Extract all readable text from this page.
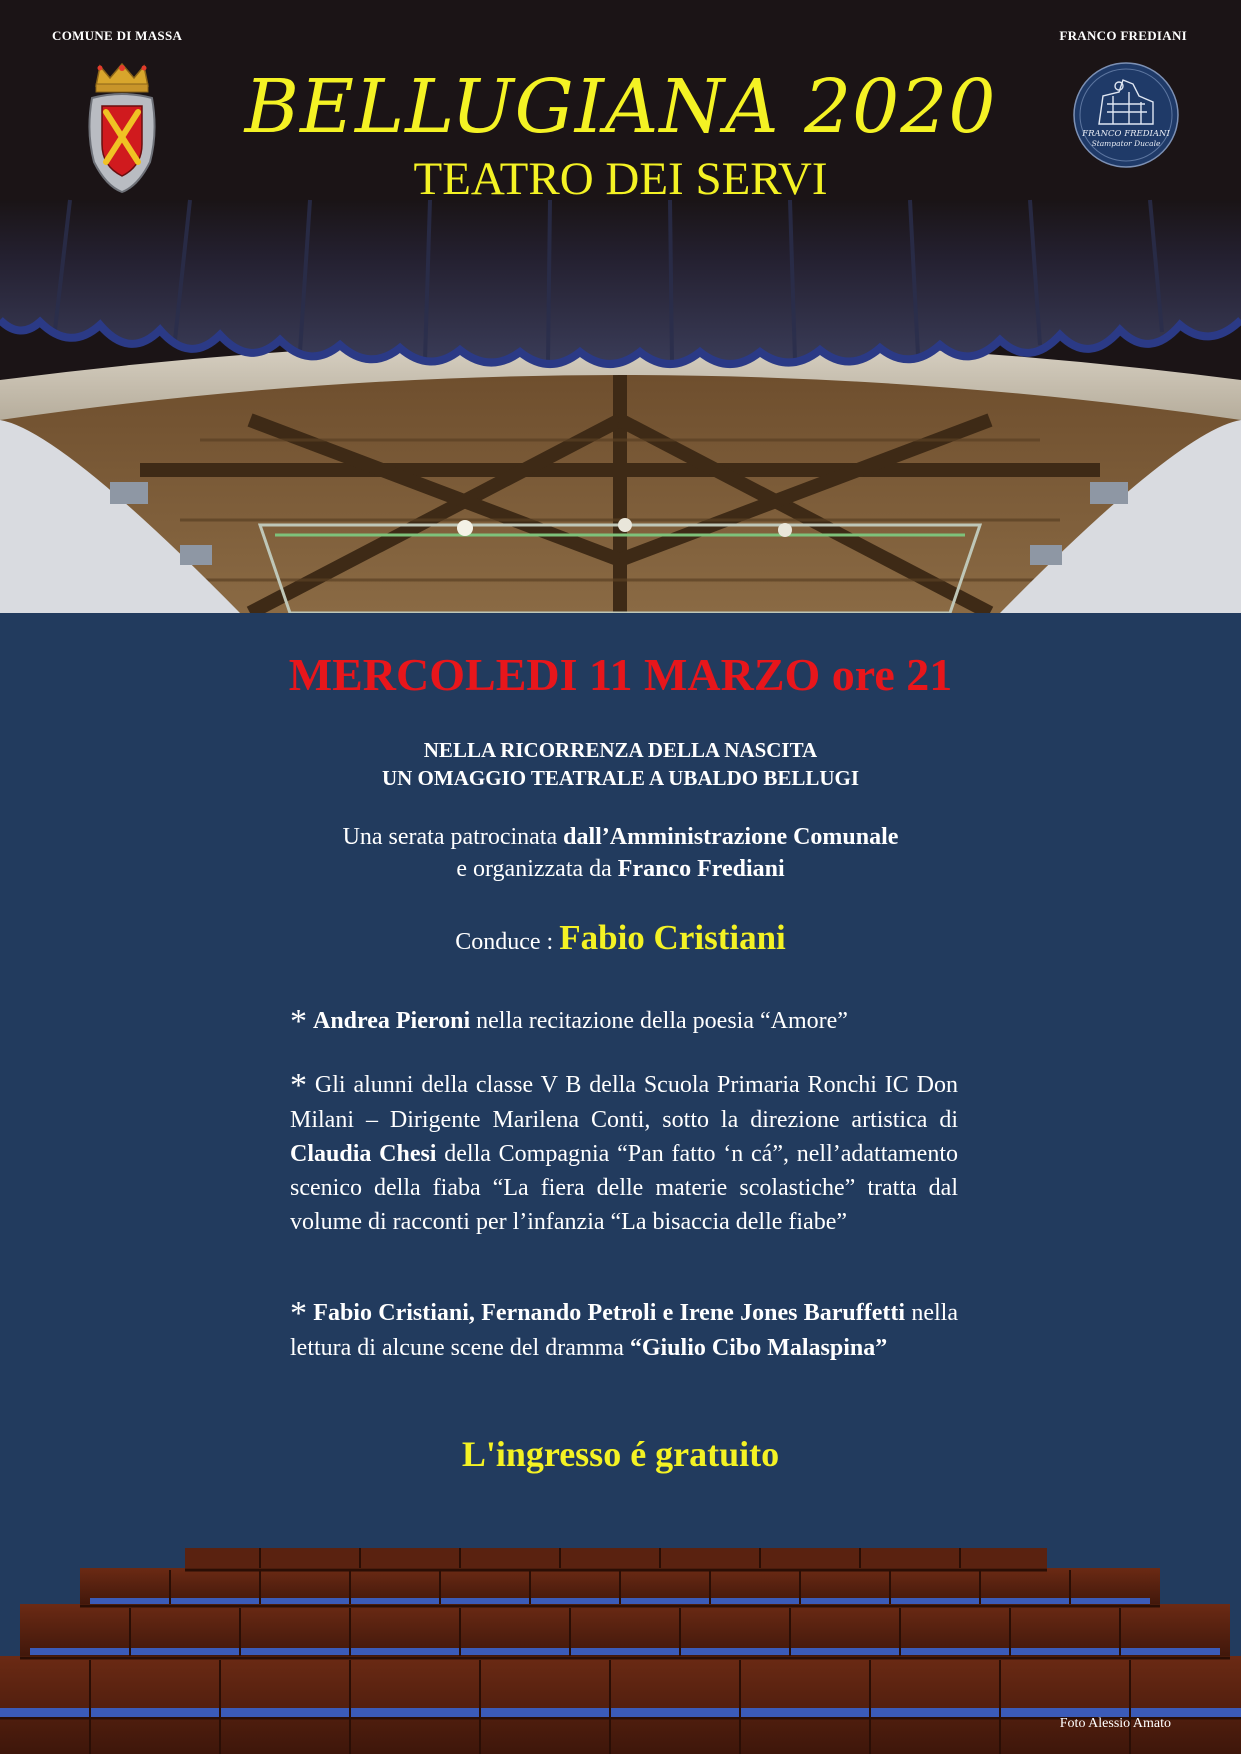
COMUNE DI MASSA	FRANCO FREDIANI
FRANCO FREDIANI
Stampator Ducale
BELLUGIANA 2020
TEATRO DEI SERVI
MERCOLEDI 11 MARZO ore 21
NELLA RICORRENZA DELLA NASCITA
UN OMAGGIO TEATRALE A UBALDO BELLUGI
Una serata patrocinata dall’Amministrazione Comunale
e organizzata da Franco Frediani
Conduce : Fabio Cristiani
* Andrea Pieroni nella recitazione della poesia “Amore”
* Gli alunni della classe V B della Scuola Primaria Ronchi IC Don Milani – Dirigente Marilena Conti, sotto la direzione artistica di Claudia Chesi della Compagnia “Pan fatto ‘n cá”, nell’adattamento scenico della fiaba “La fiera delle materie scolastiche” tratta dal volume di racconti per l’infanzia “La bisaccia delle fiabe”
* Fabio Cristiani, Fernando Petroli e Irene Jones Baruffetti nella lettura di alcune scene del dramma “Giulio Cibo Malaspina”
L'ingresso é gratuito
Foto Alessio Amato
